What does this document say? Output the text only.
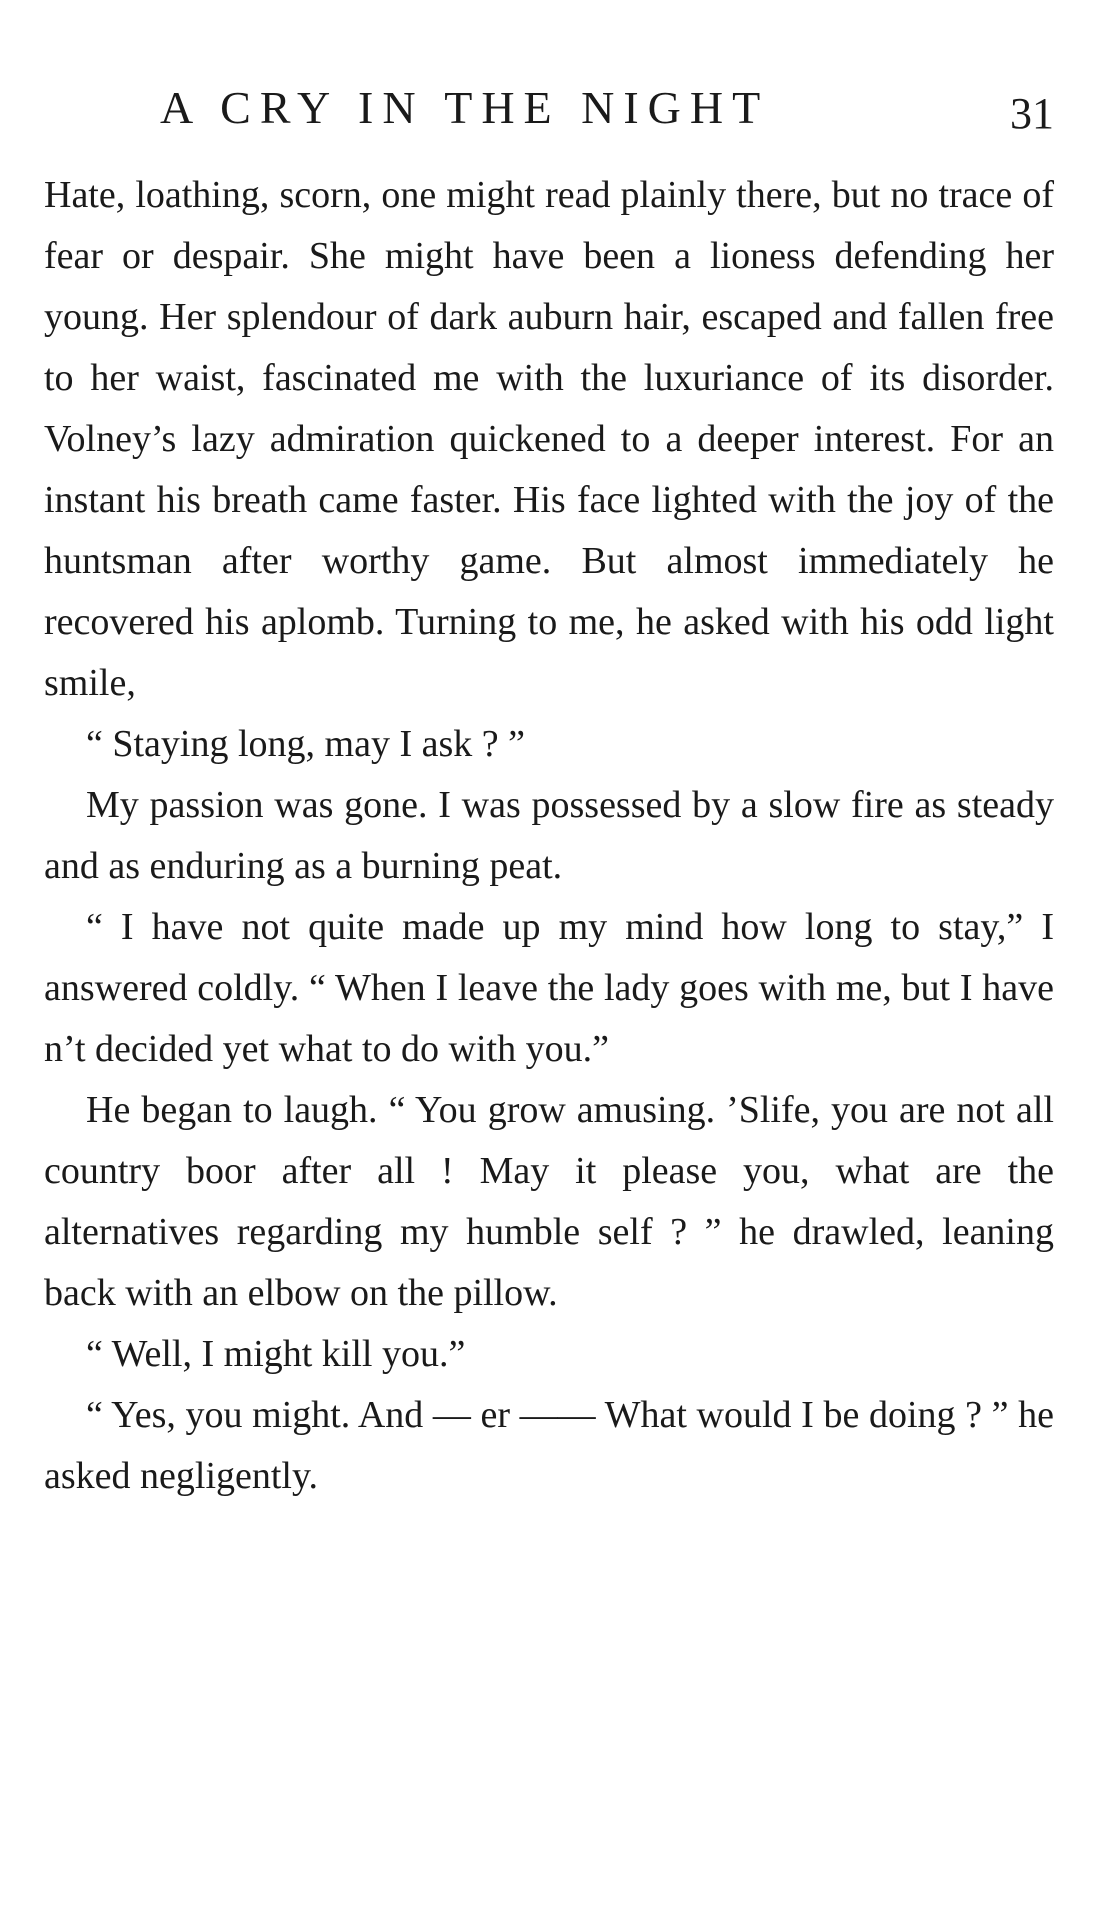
A CRY IN THE NIGHT	31

Hate, loathing, scorn, one might read plainly there, but no trace of fear or despair. She might have been a lioness defending her young. Her splendour of dark auburn hair, escaped and fallen free to her waist, fascinated me with the luxuriance of its disorder. Volney’s lazy admiration quickened to a deeper interest. For an instant his breath came faster. His face lighted with the joy of the huntsman after worthy game. But almost immediately he recovered his aplomb. Turning to me, he asked with his odd light smile,

“ Staying long, may I ask ? ”

My passion was gone. I was possessed by a slow fire as steady and as enduring as a burning peat.

“ I have not quite made up my mind how long to stay,” I answered coldly. “ When I leave the lady goes with me, but I have n’t decided yet what to do with you.”

He began to laugh. “ You grow amusing. ’Slife, you are not all country boor after all ! May it please you, what are the alternatives regarding my humble self ? ” he drawled, leaning back with an elbow on the pillow.

“ Well, I might kill you.”

“ Yes, you might. And — er —— What would I be doing ? ” he asked negligently.
